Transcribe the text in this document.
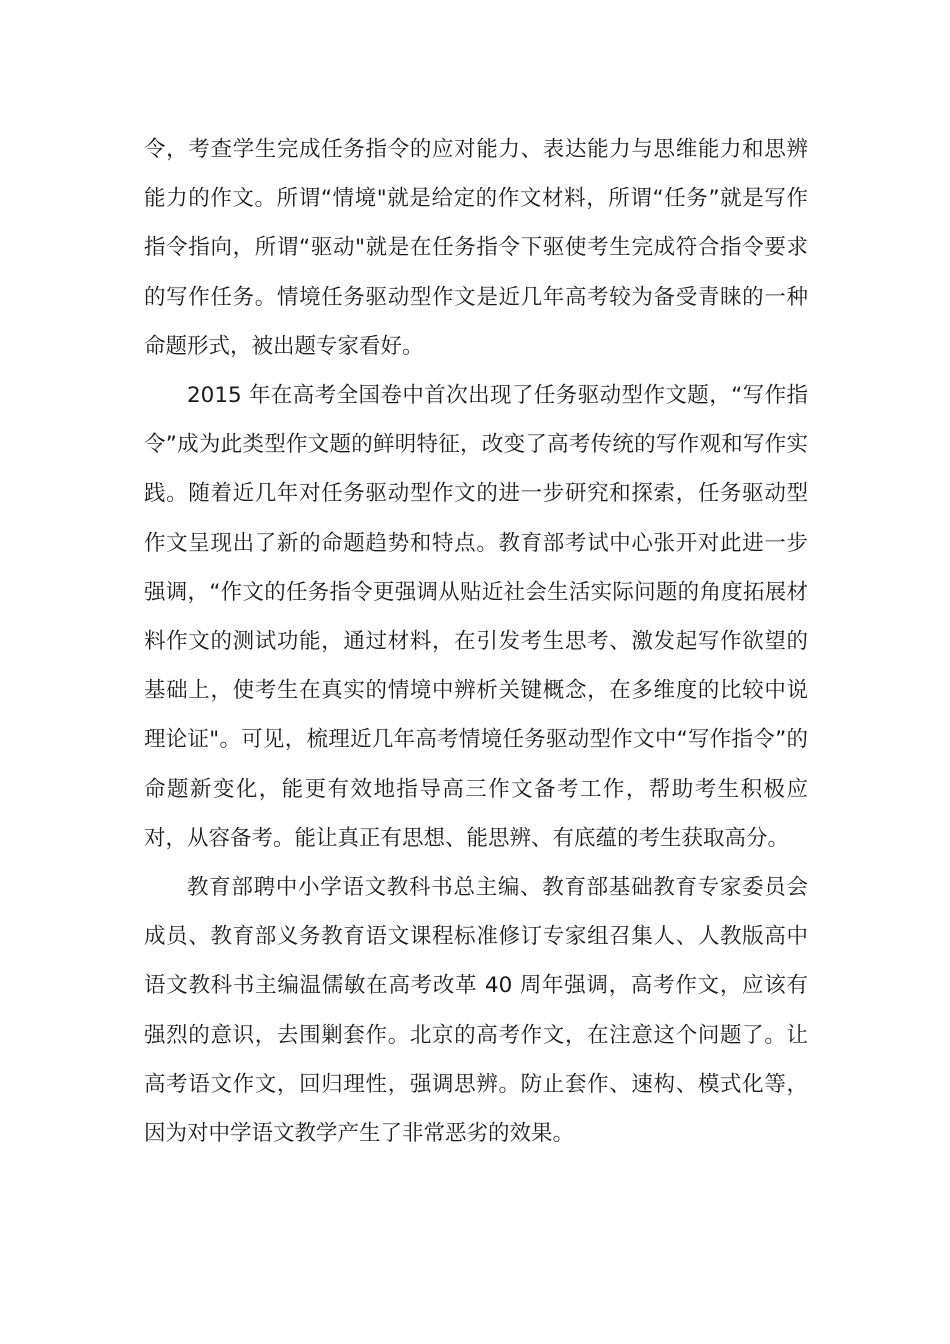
令，考查学生完成任务指令的应对能力、表达能力与思维能力和思辨能力的作文。所谓“情境"就是给定的作文材料，所谓“任务”就是写作指令指向，所谓“驱动"就是在任务指令下驱使考生完成符合指令要求的写作任务。情境任务驱动型作文是近几年高考较为备受青睐的一种命题形式，被出题专家看好。

2015 年在高考全国卷中首次出现了任务驱动型作文题，“写作指令”成为此类型作文题的鲜明特征，改变了高考传统的写作观和写作实践。随着近几年对任务驱动型作文的进一步研究和探索，任务驱动型作文呈现出了新的命题趋势和特点。教育部考试中心张开对此进一步强调，“作文的任务指令更强调从贴近社会生活实际问题的角度拓展材料作文的测试功能，通过材料，在引发考生思考、激发起写作欲望的基础上，使考生在真实的情境中辨析关键概念，在多维度的比较中说理论证"。可见，梳理近几年高考情境任务驱动型作文中“写作指令”的命题新变化，能更有效地指导高三作文备考工作，帮助考生积极应对，从容备考。能让真正有思想、能思辨、有底蕴的考生获取高分。

教育部聘中小学语文教科书总主编、教育部基础教育专家委员会成员、教育部义务教育语文课程标准修订专家组召集人、人教版高中语文教科书主编温儒敏在高考改革 40 周年强调，高考作文，应该有强烈的意识，去围剿套作。北京的高考作文，在注意这个问题了。让高考语文作文，回归理性，强调思辨。防止套作、速构、模式化等，因为对中学语文教学产生了非常恶劣的效果。
